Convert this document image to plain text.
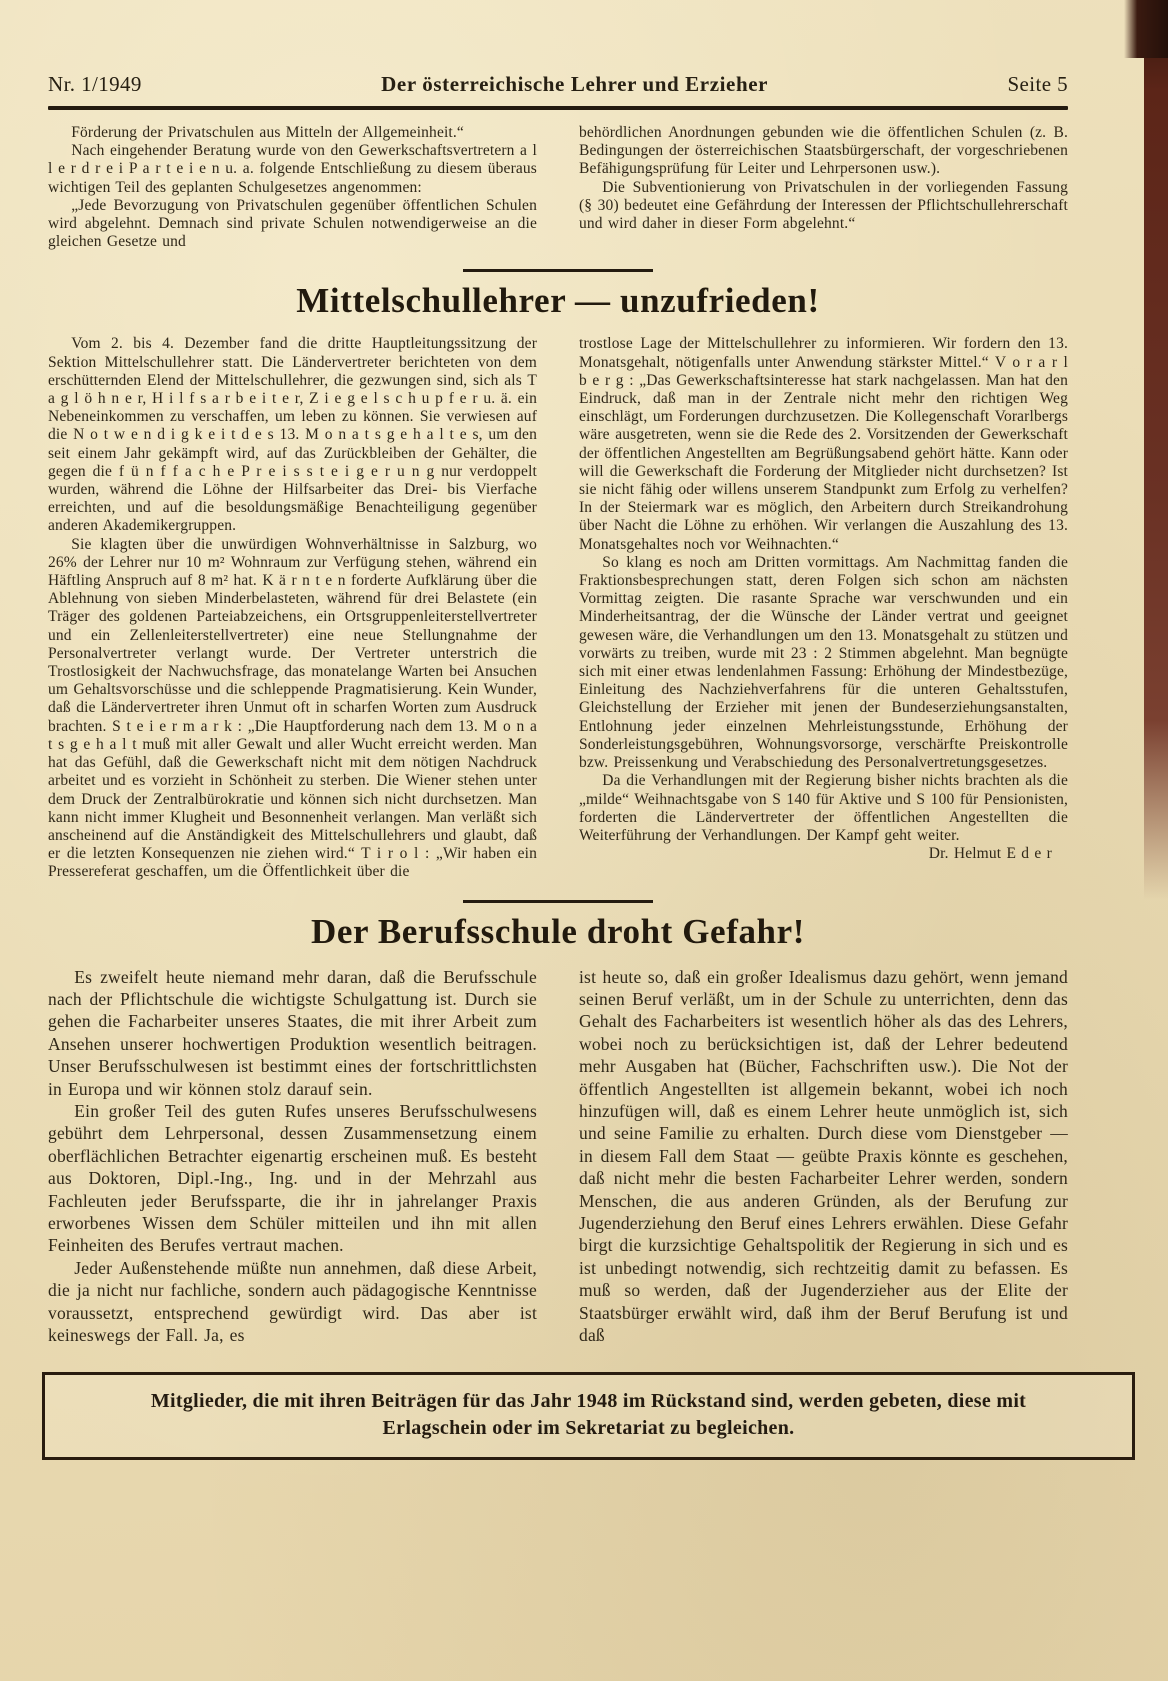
Nr. 1/1949	Der österreichische Lehrer und Erzieher	Seite 5

Förderung der Privatschulen aus Mitteln der Allgemeinheit.“

Nach eingehender Beratung wurde von den Gewerkschaftsvertretern a l l e r d r e i P a r t e i e n u. a. folgende Entschließung zu diesem überaus wichtigen Teil des geplanten Schulgesetzes angenommen:

„Jede Bevorzugung von Privatschulen gegenüber öffentlichen Schulen wird abgelehnt. Demnach sind private Schulen notwendigerweise an die gleichen Gesetze und

behördlichen Anordnungen gebunden wie die öffentlichen Schulen (z. B. Bedingungen der österreichischen Staatsbürgerschaft, der vorgeschriebenen Befähigungsprüfung für Leiter und Lehrpersonen usw.).

Die Subventionierung von Privatschulen in der vorliegenden Fassung (§ 30) bedeutet eine Gefährdung der Interessen der Pflichtschullehrerschaft und wird daher in dieser Form abgelehnt.“

Mittelschullehrer — unzufrieden!

Vom 2. bis 4. Dezember fand die dritte Hauptleitungssitzung der Sektion Mittelschullehrer statt. Die Ländervertreter berichteten von dem erschütternden Elend der Mittelschullehrer, die gezwungen sind, sich als T a g l ö h n e r, H i l f s a r b e i t e r, Z i e g e l s c h u p f e r u. ä. ein Nebeneinkommen zu verschaffen, um leben zu können. Sie verwiesen auf die N o t w e n d i g k e i t d e s 13. M o n a t s g e h a l t e s, um den seit einem Jahr gekämpft wird, auf das Zurückbleiben der Gehälter, die gegen die f ü n f f a c h e P r e i s s t e i g e r u n g nur verdoppelt wurden, während die Löhne der Hilfsarbeiter das Drei- bis Vierfache erreichten, und auf die besoldungsmäßige Benachteiligung gegenüber anderen Akademikergruppen.

Sie klagten über die unwürdigen Wohnverhältnisse in Salzburg, wo 26% der Lehrer nur 10 m² Wohnraum zur Verfügung stehen, während ein Häftling Anspruch auf 8 m² hat. K ä r n t e n forderte Aufklärung über die Ablehnung von sieben Minderbelasteten, während für drei Belastete (ein Träger des goldenen Parteiabzeichens, ein Ortsgruppenleiterstellvertreter und ein Zellenleiterstellvertreter) eine neue Stellungnahme der Personalvertreter verlangt wurde. Der Vertreter unterstrich die Trostlosigkeit der Nachwuchsfrage, das monatelange Warten bei Ansuchen um Gehaltsvorschüsse und die schleppende Pragmatisierung. Kein Wunder, daß die Ländervertreter ihren Unmut oft in scharfen Worten zum Ausdruck brachten. S t e i e r m a r k : „Die Hauptforderung nach dem 13. M o n a t s g e h a l t muß mit aller Gewalt und aller Wucht erreicht werden. Man hat das Gefühl, daß die Gewerkschaft nicht mit dem nötigen Nachdruck arbeitet und es vorzieht in Schönheit zu sterben. Die Wiener stehen unter dem Druck der Zentralbürokratie und können sich nicht durchsetzen. Man kann nicht immer Klugheit und Besonnenheit verlangen. Man verläßt sich anscheinend auf die Anständigkeit des Mittelschullehrers und glaubt, daß er die letzten Konsequenzen nie ziehen wird.“ T i r o l : „Wir haben ein Pressereferat geschaffen, um die Öffentlichkeit über die

trostlose Lage der Mittelschullehrer zu informieren. Wir fordern den 13. Monatsgehalt, nötigenfalls unter Anwendung stärkster Mittel.“ V o r a r l b e r g : „Das Gewerkschaftsinteresse hat stark nachgelassen. Man hat den Eindruck, daß man in der Zentrale nicht mehr den richtigen Weg einschlägt, um Forderungen durchzusetzen. Die Kollegenschaft Vorarlbergs wäre ausgetreten, wenn sie die Rede des 2. Vorsitzenden der Gewerkschaft der öffentlichen Angestellten am Begrüßungsabend gehört hätte. Kann oder will die Gewerkschaft die Forderung der Mitglieder nicht durchsetzen? Ist sie nicht fähig oder willens unserem Standpunkt zum Erfolg zu verhelfen? In der Steiermark war es möglich, den Arbeitern durch Streikandrohung über Nacht die Löhne zu erhöhen. Wir verlangen die Auszahlung des 13. Monatsgehaltes noch vor Weihnachten.“

So klang es noch am Dritten vormittags. Am Nachmittag fanden die Fraktionsbesprechungen statt, deren Folgen sich schon am nächsten Vormittag zeigten. Die rasante Sprache war verschwunden und ein Minderheitsantrag, der die Wünsche der Länder vertrat und geeignet gewesen wäre, die Verhandlungen um den 13. Monatsgehalt zu stützen und vorwärts zu treiben, wurde mit 23 : 2 Stimmen abgelehnt. Man begnügte sich mit einer etwas lendenlahmen Fassung: Erhöhung der Mindestbezüge, Einleitung des Nachziehverfahrens für die unteren Gehaltsstufen, Gleichstellung der Erzieher mit jenen der Bundeserziehungsanstalten, Entlohnung jeder einzelnen Mehrleistungsstunde, Erhöhung der Sonderleistungsgebühren, Wohnungsvorsorge, verschärfte Preiskontrolle bzw. Preissenkung und Verabschiedung des Personalvertretungsgesetzes.

Da die Verhandlungen mit der Regierung bisher nichts brachten als die „milde“ Weihnachtsgabe von S 140 für Aktive und S 100 für Pensionisten, forderten die Ländervertreter der öffentlichen Angestellten die Weiterführung der Verhandlungen. Der Kampf geht weiter.

Dr. Helmut E d e r

Der Berufsschule droht Gefahr!

Es zweifelt heute niemand mehr daran, daß die Berufsschule nach der Pflichtschule die wichtigste Schulgattung ist. Durch sie gehen die Facharbeiter unseres Staates, die mit ihrer Arbeit zum Ansehen unserer hochwertigen Produktion wesentlich beitragen. Unser Berufsschulwesen ist bestimmt eines der fortschrittlichsten in Europa und wir können stolz darauf sein.

Ein großer Teil des guten Rufes unseres Berufsschulwesens gebührt dem Lehrpersonal, dessen Zusammensetzung einem oberflächlichen Betrachter eigenartig erscheinen muß. Es besteht aus Doktoren, Dipl.-Ing., Ing. und in der Mehrzahl aus Fachleuten jeder Berufssparte, die ihr in jahrelanger Praxis erworbenes Wissen dem Schüler mitteilen und ihn mit allen Feinheiten des Berufes vertraut machen.

Jeder Außenstehende müßte nun annehmen, daß diese Arbeit, die ja nicht nur fachliche, sondern auch pädagogische Kenntnisse voraussetzt, entsprechend gewürdigt wird. Das aber ist keineswegs der Fall. Ja, es

ist heute so, daß ein großer Idealismus dazu gehört, wenn jemand seinen Beruf verläßt, um in der Schule zu unterrichten, denn das Gehalt des Facharbeiters ist wesentlich höher als das des Lehrers, wobei noch zu berücksichtigen ist, daß der Lehrer bedeutend mehr Ausgaben hat (Bücher, Fachschriften usw.). Die Not der öffentlich Angestellten ist allgemein bekannt, wobei ich noch hinzufügen will, daß es einem Lehrer heute unmöglich ist, sich und seine Familie zu erhalten. Durch diese vom Dienstgeber — in diesem Fall dem Staat — geübte Praxis könnte es geschehen, daß nicht mehr die besten Facharbeiter Lehrer werden, sondern Menschen, die aus anderen Gründen, als der Berufung zur Jugenderziehung den Beruf eines Lehrers erwählen. Diese Gefahr birgt die kurzsichtige Gehaltspolitik der Regierung in sich und es ist unbedingt notwendig, sich rechtzeitig damit zu befassen. Es muß so werden, daß der Jugenderzieher aus der Elite der Staatsbürger erwählt wird, daß ihm der Beruf Berufung ist und daß

Mitglieder, die mit ihren Beiträgen für das Jahr 1948 im Rückstand sind, werden gebeten, diese mit Erlagschein oder im Sekretariat zu begleichen.
